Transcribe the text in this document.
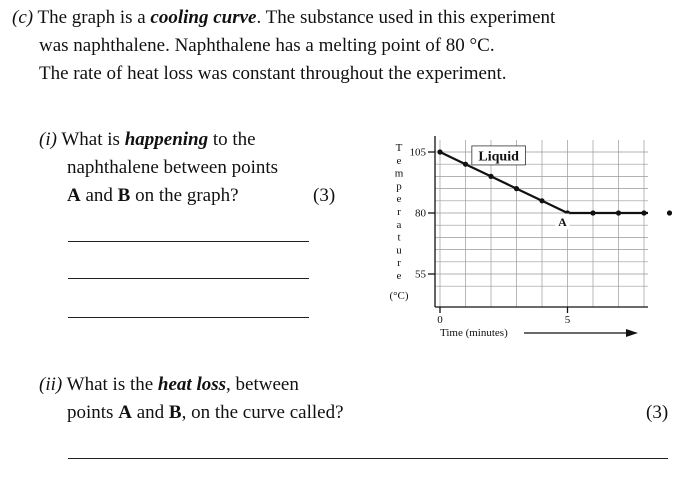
(c) The graph is a cooling curve. The substance used in this experiment
was naphthalene. Naphthalene has a melting point of 80 °C.
The rate of heat loss was constant throughout the experiment.
(i) What is happening to the
naphthalene between points
A and B on the graph?	(3)
(ii) What is the heat loss, between
points A and B, on the curve called?	(3)
55
80
105
0	5
Time (minutes)
T
e
m
p
e
r
a
t
u
r
e
(°C)
Liquid
A
